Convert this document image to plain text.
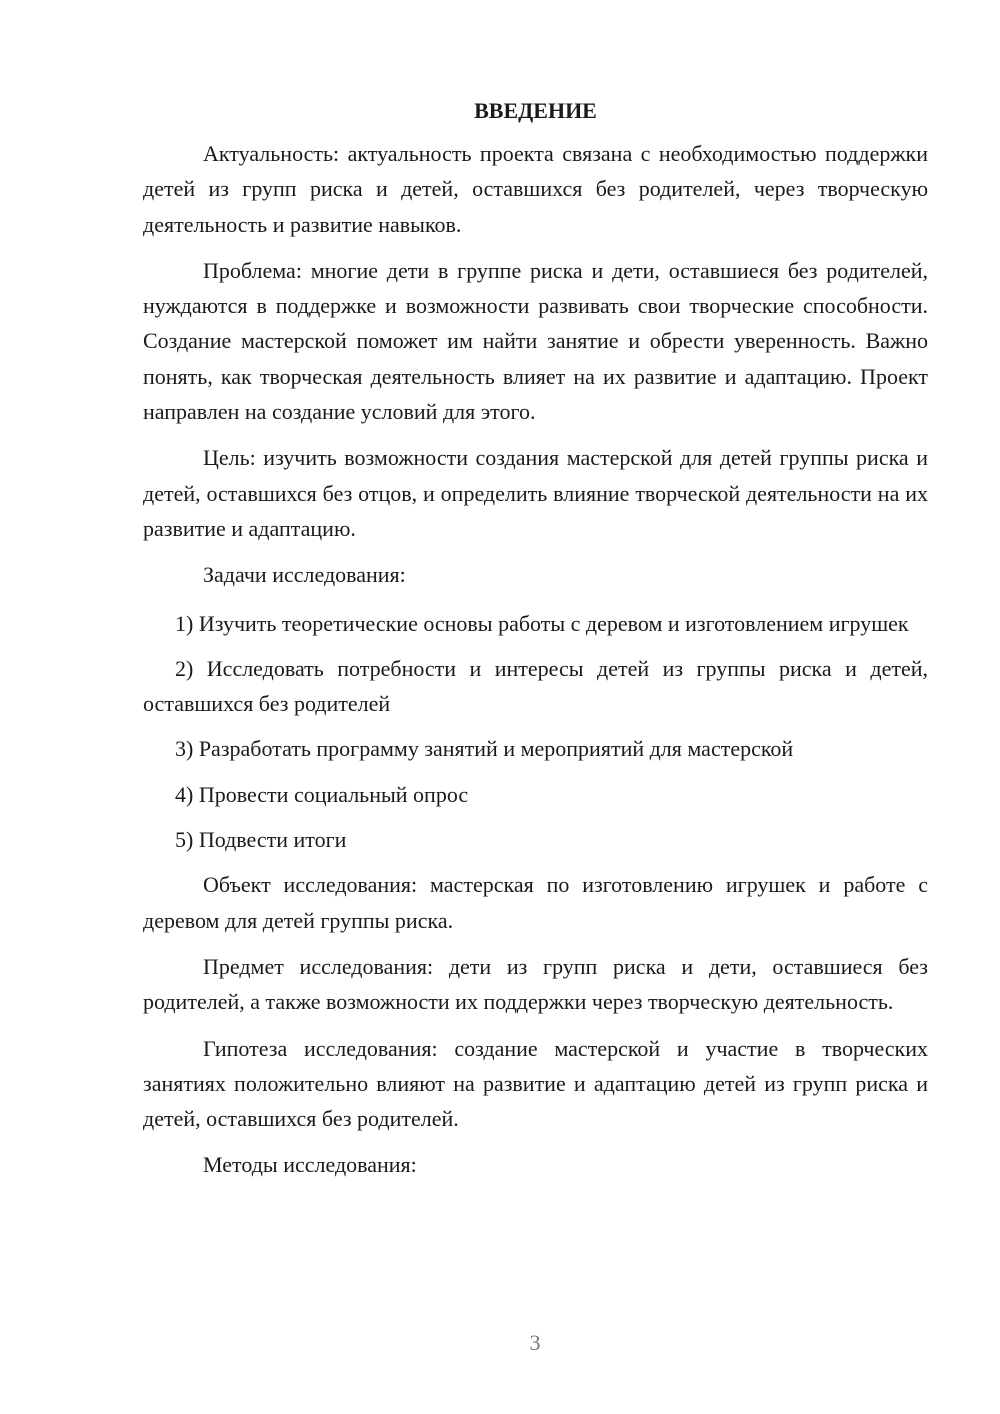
ВВЕДЕНИЕ

Актуальность: актуальность проекта связана с необходимостью поддержки детей из групп риска и детей, оставшихся без родителей, через творческую деятельность и развитие навыков.

Проблема: многие дети в группе риска и дети, оставшиеся без родителей, нуждаются в поддержке и возможности развивать свои творческие способности. Создание мастерской поможет им найти занятие и обрести уверенность. Важно понять, как творческая деятельность влияет на их развитие и адаптацию. Проект направлен на создание условий для этого.

Цель: изучить возможности создания мастерской для детей группы риска и детей, оставшихся без отцов, и определить влияние творческой деятельности на их развитие и адаптацию.

Задачи исследования:

1) Изучить теоретические основы работы с деревом и изготовлением игрушек

2) Исследовать потребности и интересы детей из группы риска и детей, оставшихся без родителей

3) Разработать программу занятий и мероприятий для мастерской

4) Провести социальный опрос

5) Подвести итоги

Объект исследования: мастерская по изготовлению игрушек и работе с деревом для детей группы риска.

Предмет исследования: дети из групп риска и дети, оставшиеся без родителей, а также возможности их поддержки через творческую деятельность.

Гипотеза исследования: создание мастерской и участие в творческих занятиях положительно влияют на развитие и адаптацию детей из групп риска и детей, оставшихся без родителей.

Методы исследования:

3
